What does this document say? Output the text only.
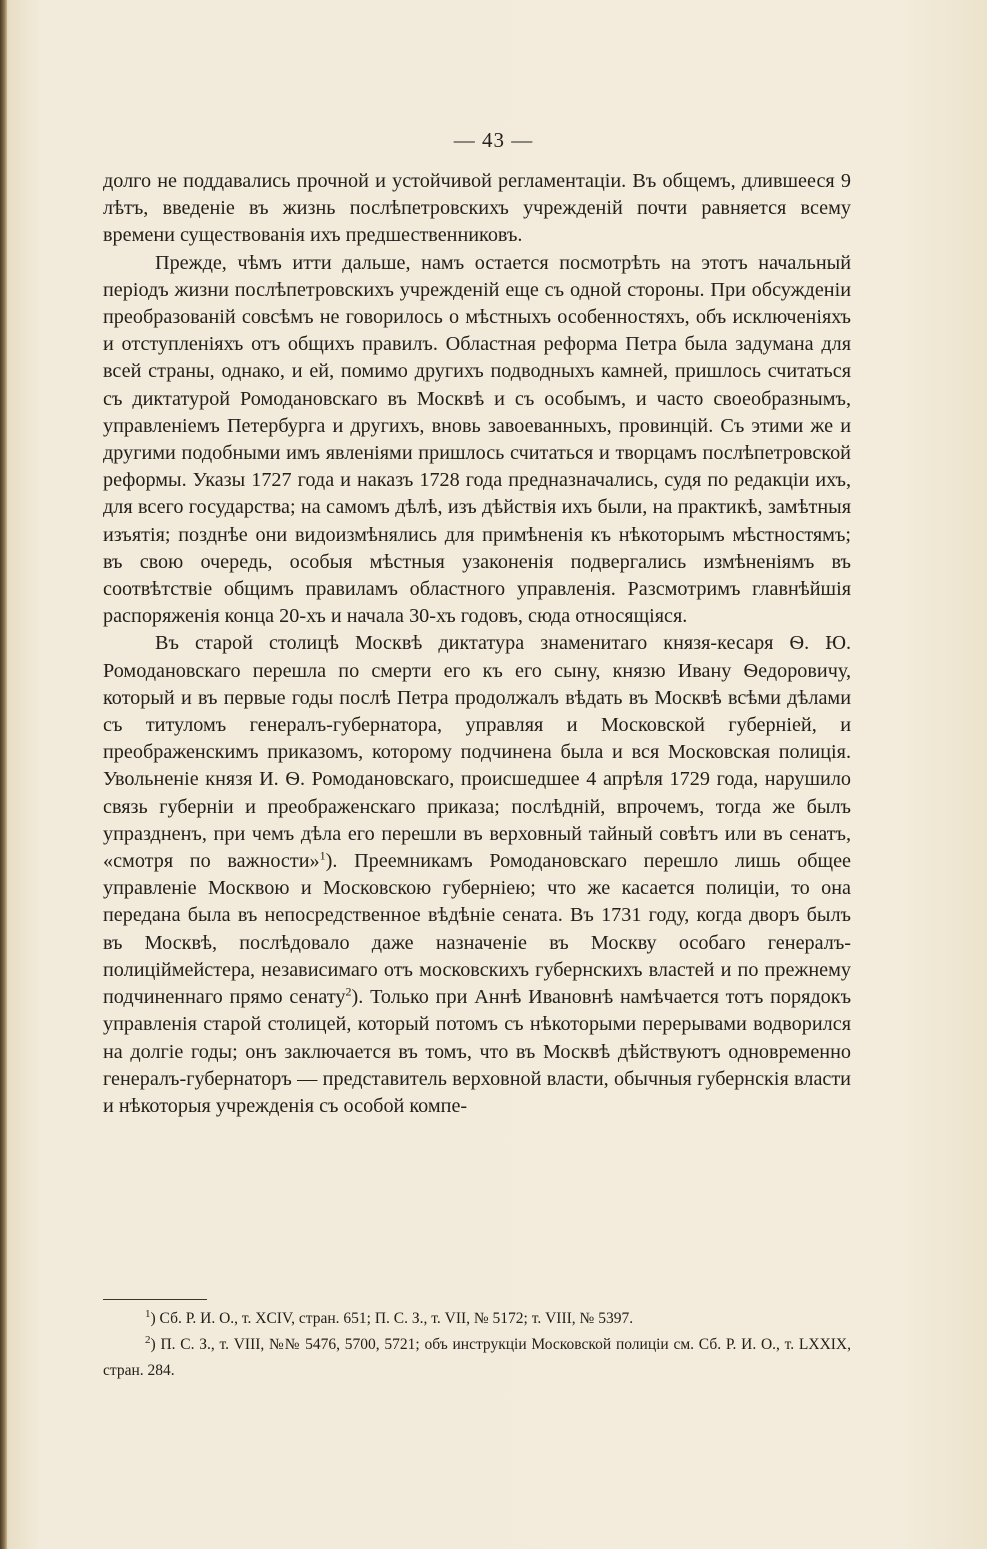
— 43 —

долго не поддавались прочной и устойчивой регламентаціи. Въ общемъ, длившееся 9 лѣтъ, введеніе въ жизнь послѣпетровскихъ учрежденій почти равняется всему времени существованія ихъ предшественниковъ.

Прежде, чѣмъ итти дальше, намъ остается посмотрѣть на этотъ начальный періодъ жизни послѣпетровскихъ учрежденій еще съ одной стороны. При обсужденіи преобразованій совсѣмъ не говорилось о мѣстныхъ особенностяхъ, объ исключеніяхъ и отступленіяхъ отъ общихъ правилъ. Областная реформа Петра была задумана для всей страны, однако, и ей, помимо другихъ подводныхъ камней, пришлось считаться съ диктатурой Ромодановскаго въ Москвѣ и съ особымъ, и часто своеобразнымъ, управленіемъ Петербурга и другихъ, вновь завоеванныхъ, провинцій. Съ этими же и другими подобными имъ явленіями пришлось считаться и творцамъ послѣпетровской реформы. Указы 1727 года и наказъ 1728 года предназначались, судя по редакціи ихъ, для всего государства; на самомъ дѣлѣ, изъ дѣйствія ихъ были, на практикѣ, замѣтныя изъятія; позднѣе они видоизмѣнялись для примѣненія къ нѣкоторымъ мѣстностямъ; въ свою очередь, особыя мѣстныя узаконенія подвергались измѣненіямъ въ соотвѣтствіе общимъ правиламъ областного управленія. Разсмотримъ главнѣйшія распоряженія конца 20-хъ и начала 30-хъ годовъ, сюда относящіяся.

Въ старой столицѣ Москвѣ диктатура знаменитаго князя-кесаря Ѳ. Ю. Ромодановскаго перешла по смерти его къ его сыну, князю Ивану Ѳедоровичу, который и въ первые годы послѣ Петра продолжалъ вѣдать въ Москвѣ всѣми дѣлами съ титуломъ генералъ-губернатора, управляя и Московской губерніей, и преображенскимъ приказомъ, которому подчинена была и вся Московская полиція. Увольненіе князя И. Ѳ. Ромодановскаго, происшедшее 4 апрѣля 1729 года, нарушило связь губерніи и преображенскаго приказа; послѣдній, впрочемъ, тогда же былъ упраздненъ, при чемъ дѣла его перешли въ верховный тайный совѣтъ или въ сенатъ, «смотря по важности»$^1$). Преемникамъ Ромодановскаго перешло лишь общее управленіе Москвою и Московскою губерніею; что же касается полиціи, то она передана была въ непосредственное вѣдѣніе сената. Въ 1731 году, когда дворъ былъ въ Москвѣ, послѣдовало даже назначеніе въ Москву особаго генералъ-полиціймейстера, независимаго отъ московскихъ губернскихъ властей и по прежнему подчиненнаго прямо сенату$^2$). Только при Аннѣ Ивановнѣ намѣчается тотъ порядокъ управленія старой столицей, который потомъ съ нѣкоторыми перерывами водворился на долгіе годы; онъ заключается въ томъ, что въ Москвѣ дѣйствуютъ одновременно генералъ-губернаторъ — представитель верховной власти, обычныя губернскія власти и нѣкоторыя учрежденія съ особой компе-

$^1$) Сб. Р. И. О., т. XCIV, стран. 651; П. С. З., т. VII, № 5172; т. VIII, № 5397.

$^2$) П. С. З., т. VIII, №№ 5476, 5700, 5721; объ инструкціи Московской полиціи см. Сб. Р. И. О., т. LXXIX, стран. 284.
